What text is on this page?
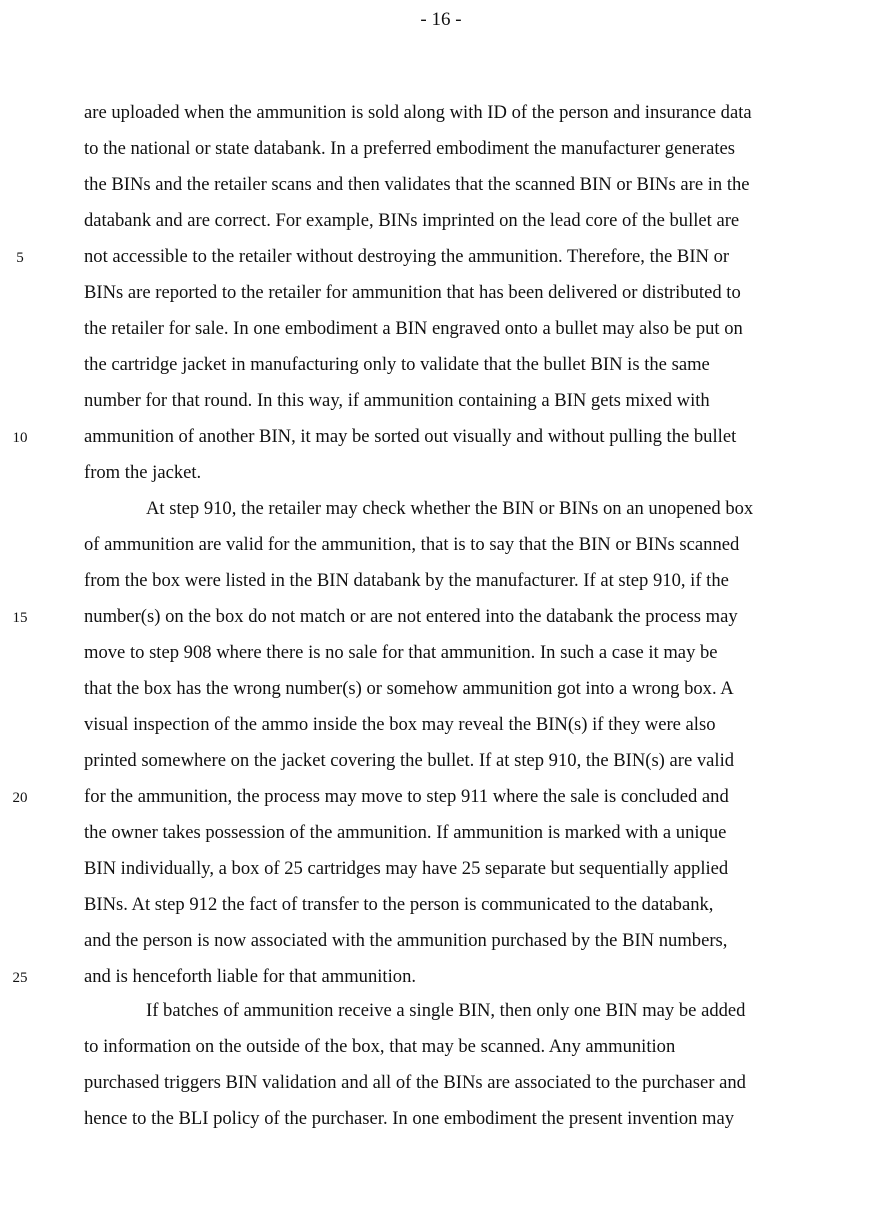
- 16 -
are uploaded when the ammunition is sold along with ID of the person and insurance data
to the national or state databank. In a preferred embodiment the manufacturer generates
the BINs and the retailer scans and then validates that the scanned BIN or BINs are in the
databank and are correct. For example, BINs imprinted on the lead core of the bullet are
not accessible to the retailer without destroying the ammunition. Therefore, the BIN or
BINs are reported to the retailer for ammunition that has been delivered or distributed to
the retailer for sale. In one embodiment a BIN engraved onto a bullet may also be put on
the cartridge jacket in manufacturing only to validate that the bullet BIN is the same
number for that round. In this way, if ammunition containing a BIN gets mixed with
ammunition of another BIN, it may be sorted out visually and without pulling the bullet
from the jacket.
At step 910, the retailer may check whether the BIN or BINs on an unopened box
of ammunition are valid for the ammunition, that is to say that the BIN or BINs scanned
from the box were listed in the BIN databank by the manufacturer. If at step 910, if the
number(s) on the box do not match or are not entered into the databank the process may
move to step 908 where there is no sale for that ammunition. In such a case it may be
that the box has the wrong number(s) or somehow ammunition got into a wrong box. A
visual inspection of the ammo inside the box may reveal the BIN(s) if they were also
printed somewhere on the jacket covering the bullet. If at step 910, the BIN(s) are valid
for the ammunition, the process may move to step 911 where the sale is concluded and
the owner takes possession of the ammunition. If ammunition is marked with a unique
BIN individually, a box of 25 cartridges may have 25 separate but sequentially applied
BINs. At step 912 the fact of transfer to the person is communicated to the databank,
and the person is now associated with the ammunition purchased by the BIN numbers,
and is henceforth liable for that ammunition.
If batches of ammunition receive a single BIN, then only one BIN may be added
to information on the outside of the box, that may be scanned. Any ammunition
purchased triggers BIN validation and all of the BINs are associated to the purchaser and
hence to the BLI policy of the purchaser. In one embodiment the present invention may
5
10
15
20
25
